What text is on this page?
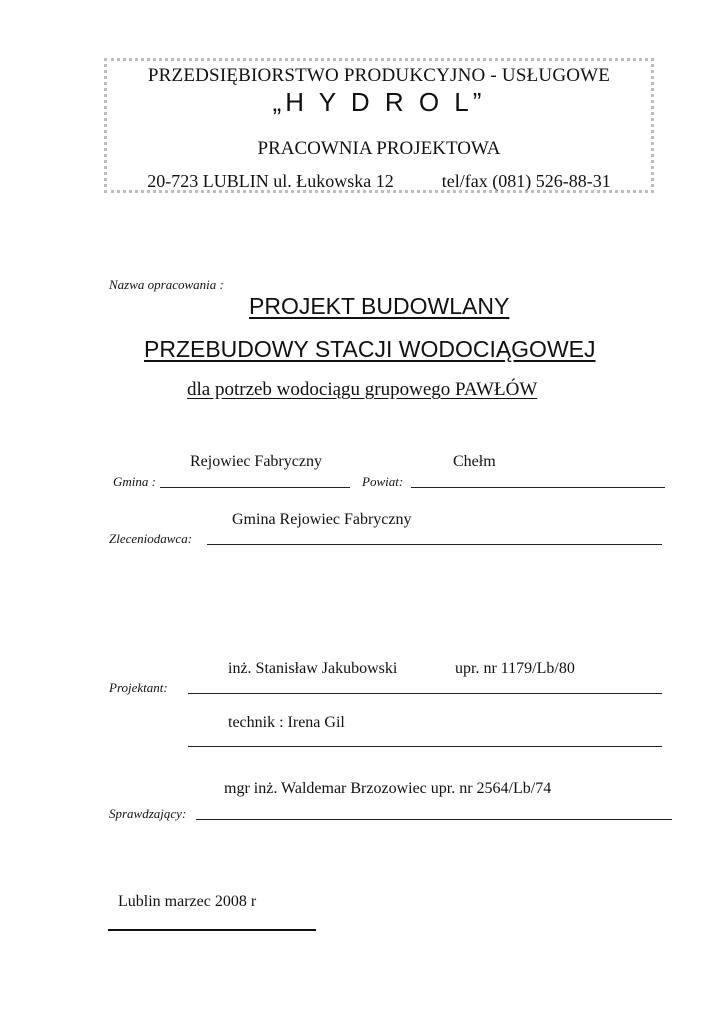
PRZEDSIĘBIORSTWO PRODUKCYJNO - USŁUGOWE
„H Y D R O L”
PRACOWNIA PROJEKTOWA
20-723 LUBLIN ul. Łukowska 12	tel/fax (081) 526-88-31
Nazwa opracowania :
PROJEKT BUDOWLANY
PRZEBUDOWY STACJI WODOCIĄGOWEJ
dla potrzeb wodociągu grupowego PAWŁÓW
Rejowiec Fabryczny	Chełm
Gmina :	Powiat:
Gmina Rejowiec Fabryczny
Zleceniodawca:
inż. Stanisław Jakubowski	upr. nr 1179/Lb/80
Projektant:
technik : Irena Gil
mgr inż. Waldemar Brzozowiec upr. nr 2564/Lb/74
Sprawdzający:
Lublin marzec 2008 r
